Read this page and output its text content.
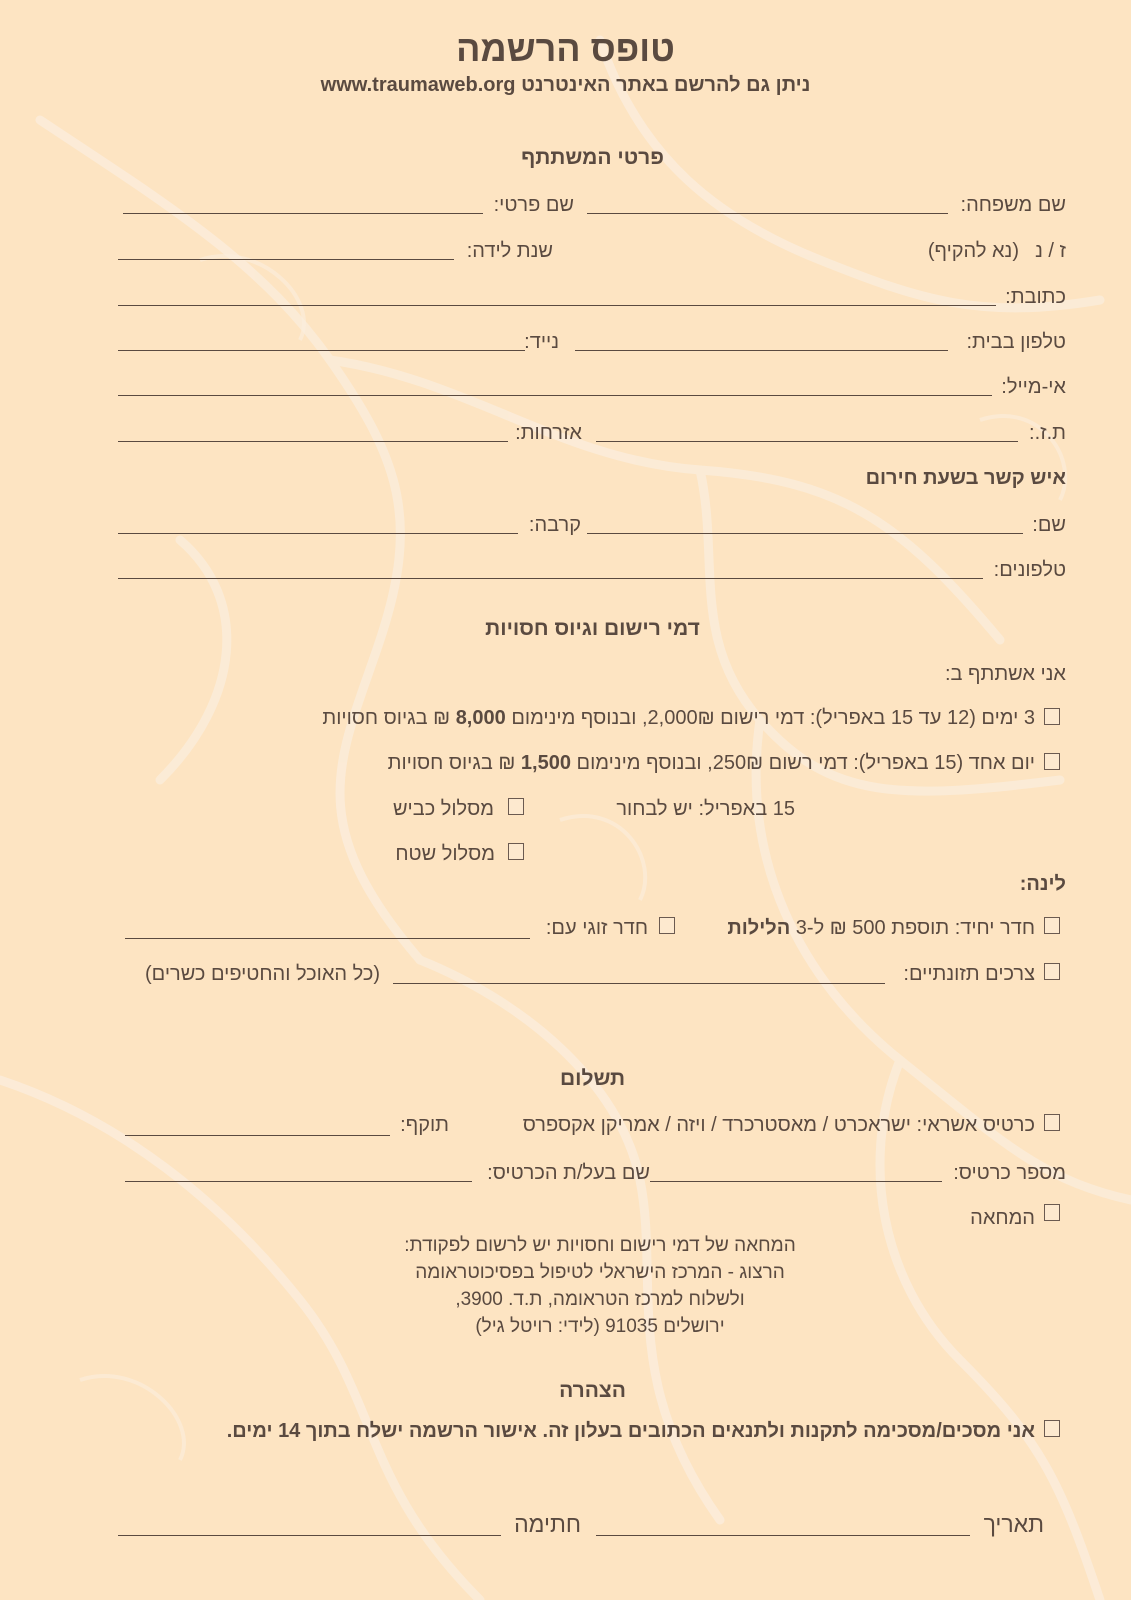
טופס הרשמה
ניתן גם להרשם באתר האינטרנט www.traumaweb.org
פרטי המשתתף
שם משפחה:
שם פרטי:
ז / נ
(נא להקיף)
שנת לידה:
כתובת:
טלפון בבית:
נייד:
אי-מייל:
ת.ז.:
אזרחות:
איש קשר בשעת חירום
שם:
קרבה:
טלפונים:
דמי רישום וגיוס חסויות
אני אשתתף ב:
3 ימים (12 עד 15 באפריל): דמי רישום 2,000₪, ובנוסף מינימום 8,000 ₪ בגיוס חסויות
יום אחד (15 באפריל): דמי רשום 250₪, ובנוסף מינימום 1,500 ₪ בגיוס חסויות
15 באפריל: יש לבחור
מסלול כביש
מסלול שטח
לינה:
חדר יחיד: תוספת 500 ₪ ל-3 הלילות
חדר זוגי עם:
צרכים תזונתיים:
(כל האוכל והחטיפים כשרים)
תשלום
כרטיס אשראי: ישראכרט / מאסטרכרד / ויזה / אמריקן אקספרס
תוקף:
מספר כרטיס:
שם בעל/ת הכרטיס:
המחאה
המחאה של דמי רישום וחסויות יש לרשום לפקודת:
הרצוג - המרכז הישראלי לטיפול בפסיכוטראומה
ולשלוח למרכז הטראומה, ת.ד. 3900,
ירושלים 91035 (לידי: רויטל גיל)
הצהרה
אני מסכים/מסכימה לתקנות ולתנאים הכתובים בעלון זה. אישור הרשמה ישלח בתוך 14 ימים.
תאריך
חתימה
